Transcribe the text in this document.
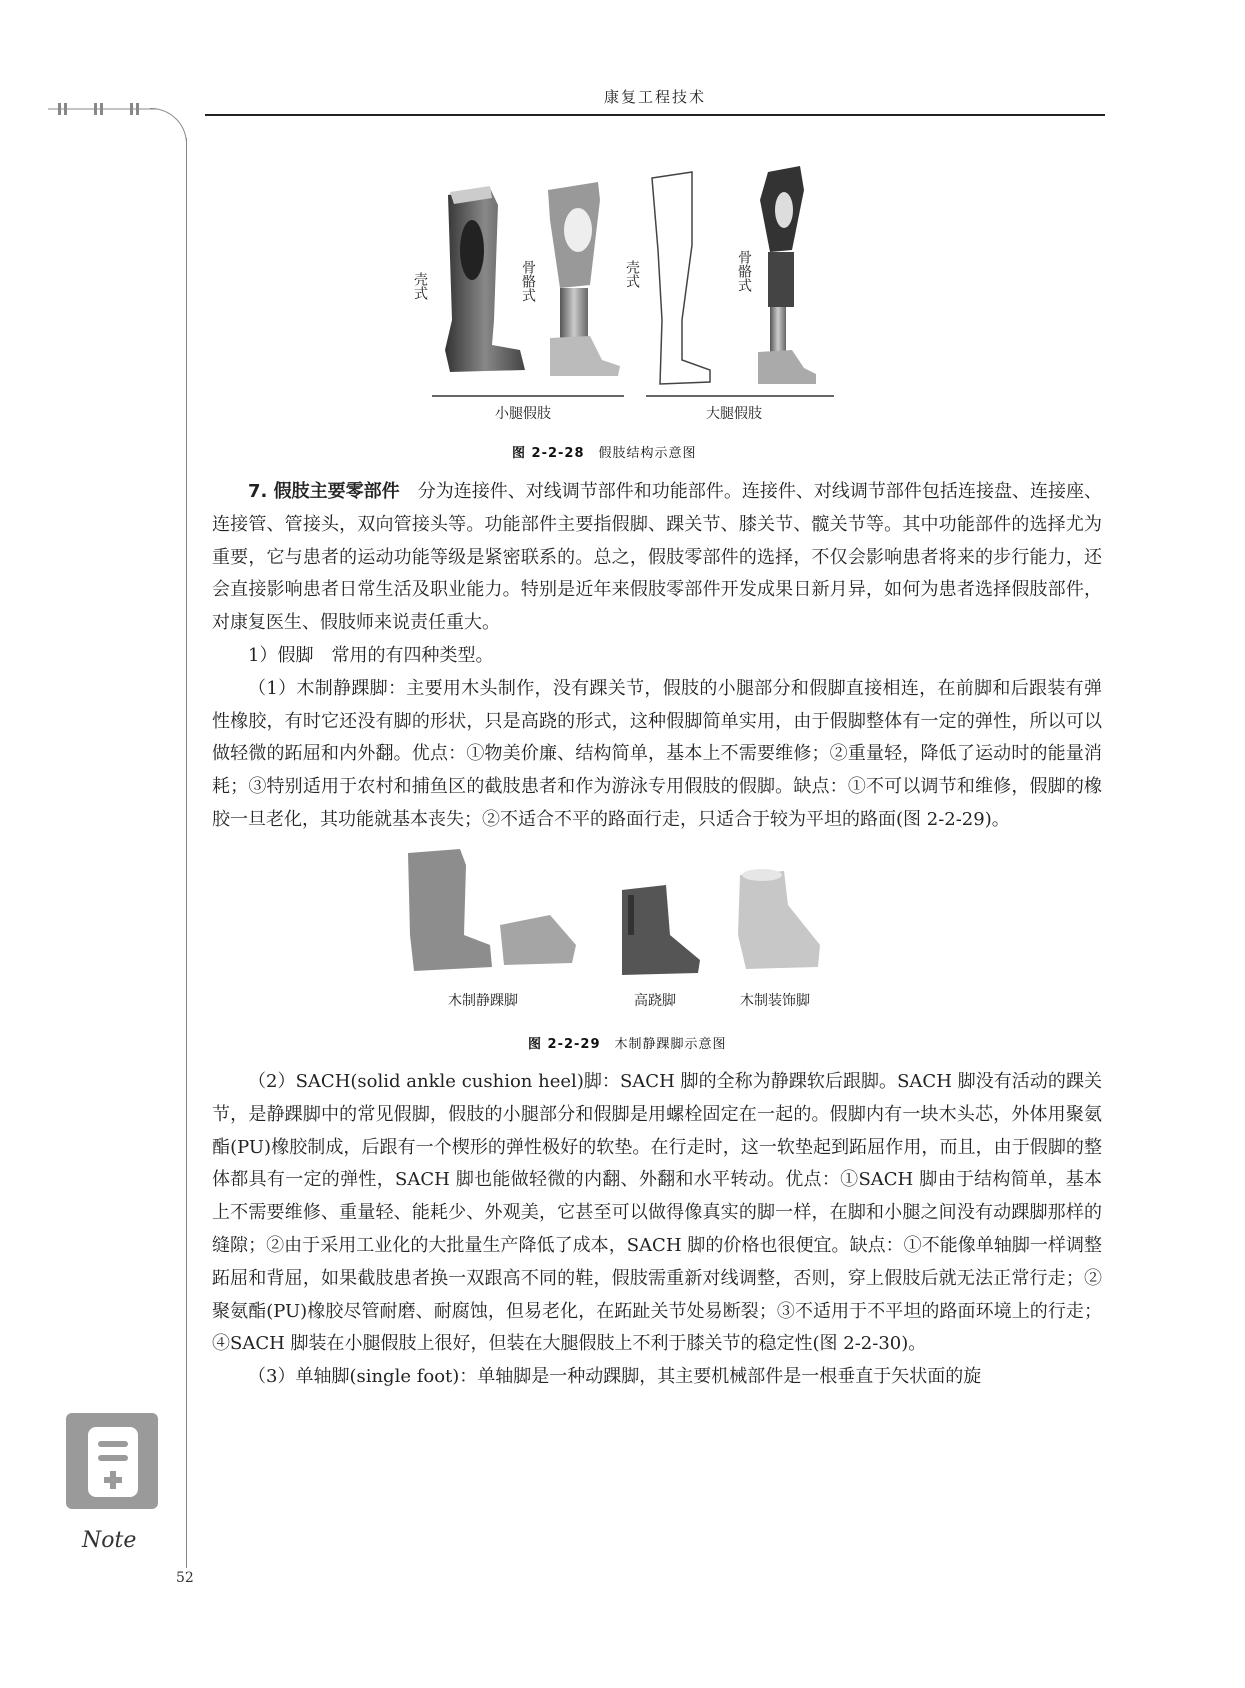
康复工程技术
壳式	骨骼式	壳式	骨骼式
小腿假肢	大腿假肢
图 2-2-28 假肢结构示意图

7. 假肢主要零部件 分为连接件、对线调节部件和功能部件。连接件、对线调节部件包括连接盘、连接座、连接管、管接头，双向管接头等。功能部件主要指假脚、踝关节、膝关节、髋关节等。其中功能部件的选择尤为重要，它与患者的运动功能等级是紧密联系的。总之，假肢零部件的选择，不仅会影响患者将来的步行能力，还会直接影响患者日常生活及职业能力。特别是近年来假肢零部件开发成果日新月异，如何为患者选择假肢部件，对康复医生、假肢师来说责任重大。

1）假脚　常用的有四种类型。

（1）木制静踝脚：主要用木头制作，没有踝关节，假肢的小腿部分和假脚直接相连，在前脚和后跟装有弹性橡胶，有时它还没有脚的形状，只是高跷的形式，这种假脚简单实用，由于假脚整体有一定的弹性，所以可以做轻微的跖屈和内外翻。优点：①物美价廉、结构简单，基本上不需要维修；②重量轻，降低了运动时的能量消耗；③特别适用于农村和捕鱼区的截肢患者和作为游泳专用假肢的假脚。缺点：①不可以调节和维修，假脚的橡胶一旦老化，其功能就基本丧失；②不适合不平的路面行走，只适合于较为平坦的路面(图 2-2-29)。

木制静踝脚	高跷脚	木制装饰脚
图 2-2-29 木制静踝脚示意图

（2）SACH(solid ankle cushion heel)脚：SACH 脚的全称为静踝软后跟脚。SACH 脚没有活动的踝关节，是静踝脚中的常见假脚，假肢的小腿部分和假脚是用螺栓固定在一起的。假脚内有一块木头芯，外体用聚氨酯(PU)橡胶制成，后跟有一个楔形的弹性极好的软垫。在行走时，这一软垫起到跖屈作用，而且，由于假脚的整体都具有一定的弹性，SACH 脚也能做轻微的内翻、外翻和水平转动。优点：①SACH 脚由于结构简单，基本上不需要维修、重量轻、能耗少、外观美，它甚至可以做得像真实的脚一样，在脚和小腿之间没有动踝脚那样的缝隙；②由于采用工业化的大批量生产降低了成本，SACH 脚的价格也很便宜。缺点：①不能像单轴脚一样调整跖屈和背屈，如果截肢患者换一双跟高不同的鞋，假肢需重新对线调整，否则，穿上假肢后就无法正常行走；②聚氨酯(PU)橡胶尽管耐磨、耐腐蚀，但易老化，在跖趾关节处易断裂；③不适用于不平坦的路面环境上的行走；④SACH 脚装在小腿假肢上很好，但装在大腿假肢上不利于膝关节的稳定性(图 2-2-30)。

（3）单轴脚(single foot)：单轴脚是一种动踝脚，其主要机械部件是一根垂直于矢状面的旋

Note
52
